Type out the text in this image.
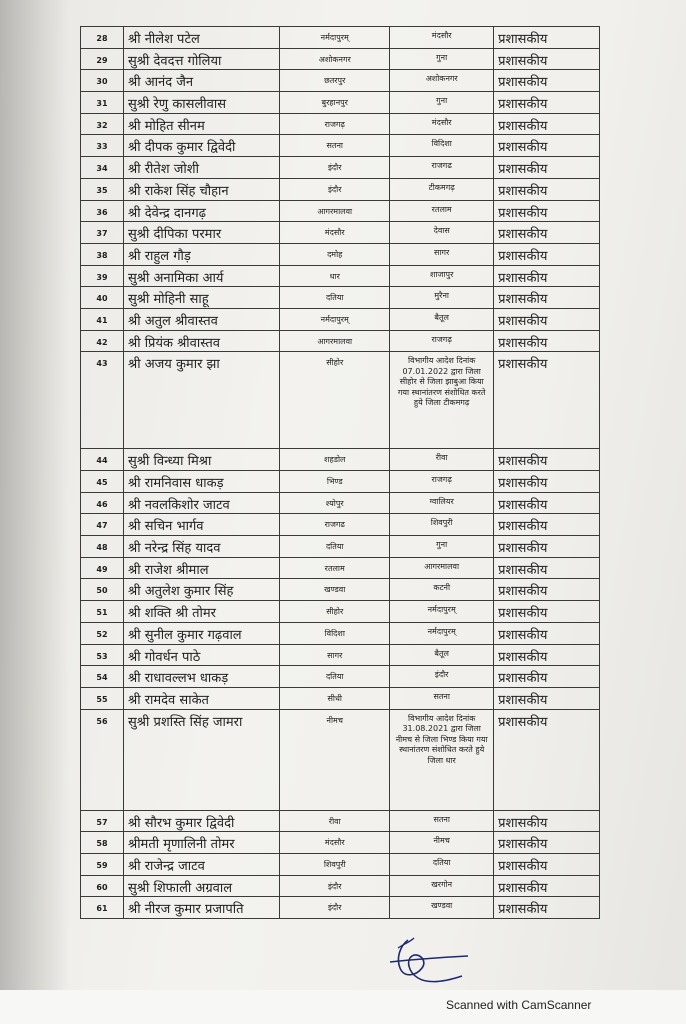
28	श्री नीलेश पटेल	नर्मदापुरम्	मंदसौर	प्रशासकीय
29	सुश्री देवदत्त गोलिया	अशोकनगर	गुना	प्रशासकीय
30	श्री आनंद जैन	छतरपुर	अशोकनगर	प्रशासकीय
31	सुश्री रेणु कासलीवास	बुरहानपुर	गुना	प्रशासकीय
32	श्री मोहित सीनम	राजगढ़	मंदसौर	प्रशासकीय
33	श्री दीपक कुमार द्विवेदी	सतना	विदिशा	प्रशासकीय
34	श्री रीतेश जोशी	इंदौर	राजगढ	प्रशासकीय
35	श्री राकेश सिंह चौहान	इंदौर	टीकमगढ़	प्रशासकीय
36	श्री देवेन्द्र दानगढ़	आगरमालवा	रतलाम	प्रशासकीय
37	सुश्री दीपिका परमार	मंदसौर	देवास	प्रशासकीय
38	श्री राहुल गौड़	दमोह	सागर	प्रशासकीय
39	सुश्री अनामिका आर्य	धार	शाजापुर	प्रशासकीय
40	सुश्री मोहिनी साहू	दतिया	मुरैना	प्रशासकीय
41	श्री अतुल श्रीवास्तव	नर्मदापुरम्	बैतूल	प्रशासकीय
42	श्री प्रियंक श्रीवास्तव	आगरमालवा	राजगढ़	प्रशासकीय
43	श्री अजय कुमार झा	सीहोर	विभागीय आदेश दिनांक 07.01.2022 द्वारा जिला सीहोर से जिला झाबुआ किया गया स्थानांतरण संशोधित करते हुये जिला टीकमगढ़	प्रशासकीय
44	सुश्री विन्ध्या मिश्रा	शहडोल	रीवा	प्रशासकीय
45	श्री रामनिवास धाकड़	भिण्ड	राजगढ़	प्रशासकीय
46	श्री नवलकिशोर जाटव	श्योपुर	ग्वालियर	प्रशासकीय
47	श्री सचिन भार्गव	राजगढ	शिवपुरी	प्रशासकीय
48	श्री नरेन्द्र सिंह यादव	दतिया	गुना	प्रशासकीय
49	श्री राजेश श्रीमाल	रतलाम	आगरमालवा	प्रशासकीय
50	श्री अतुलेश कुमार सिंह	खण्डवा	कटनी	प्रशासकीय
51	श्री शक्ति श्री तोमर	सीहोर	नर्मदापुरम्	प्रशासकीय
52	श्री सुनील कुमार गढ़वाल	विदिशा	नर्मदापुरम्	प्रशासकीय
53	श्री गोवर्धन पाठे	सागर	बैतूल	प्रशासकीय
54	श्री राधावल्लभ धाकड़	दतिया	इंदौर	प्रशासकीय
55	श्री रामदेव साकेत	सीधी	सतना	प्रशासकीय
56	सुश्री प्रशस्ति सिंह जामरा	नीमच	विभागीय आदेश दिनांक 31.08.2021 द्वारा जिला नीमच से जिला भिण्ड किया गया स्थानांतरण संशोधित करते हुये जिला धार	प्रशासकीय
57	श्री सौरभ कुमार द्विवेदी	रीवा	सतना	प्रशासकीय
58	श्रीमती मृणालिनी तोमर	मंदसौर	नीमच	प्रशासकीय
59	श्री राजेन्द्र जाटव	शिवपुरी	दतिया	प्रशासकीय
60	सुश्री शिफाली अग्रवाल	इंदौर	खरगोन	प्रशासकीय
61	श्री नीरज कुमार प्रजापति	इंदौर	खण्डवा	प्रशासकीय
Scanned with CamScanner
